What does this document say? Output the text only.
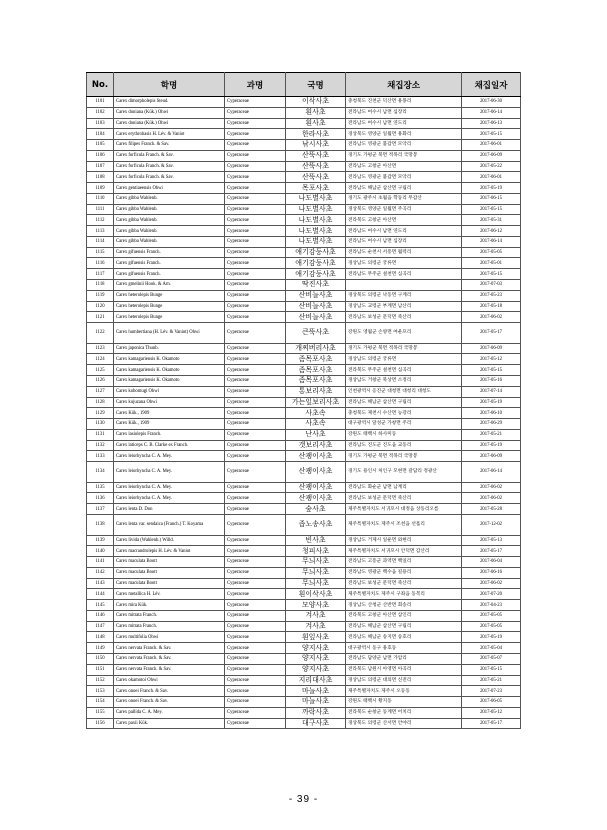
No.	학명	과명	국명	채집장소	채집일자
1101	Carex dimorpholepis Steud.	Cyperaceae	이삭사초	충청북도 진천군 덕산면 용몽리	2017-06-30
1102	Carex doniana (Kük.) Ohwi	Cyperaceae	흰사초	전라남도 여수시 남면 심장리	2017-06-14
1103	Carex doniana (Kük.) Ohwi	Cyperaceae	흰사초	전라남도 여수시 남면 연도리	2017-06-13
1104	Carex erythrobasis H. Lév. & Vaniot	Cyperaceae	한라사초	경상북도 영양군 일월면 용화리	2017-05-15
1105	Carex filipes Franch. & Sav.	Cyperaceae	낚시사초	전라남도 영광군 불갑면 모악리	2017-06-01
1106	Carex forficula Franch. & Sav.	Cyperaceae	산뚝사초	경기도 가평군 북면 적목리 국망봉	2017-06-09
1107	Carex forficula Franch. & Sav.	Cyperaceae	산뚝사초	전라남도 고창군 아산면	2017-05-22
1108	Carex forficula Franch. & Sav.	Cyperaceae	산뚝사초	전라남도 영광군 불갑면 모악리	2017-06-01
1109	Carex gentiaeensis Ohwi	Cyperaceae	목포사초	전라남도 해남군 삼산면 구림리	2017-05-19
1110	Carex gibba Wahlenb.	Cyperaceae	나도별사초	경기도 광주시 초월읍 학동리 무갑산	2017-06-15
1111	Carex gibba Wahlenb.	Cyperaceae	나도별사초	경상북도 영양군 일월면 주곡리	2017-05-15
1112	Carex gibba Wahlenb.	Cyperaceae	나도별사초	전라북도 고창군 아산면	2017-05-31
1113	Carex gibba Wahlenb.	Cyperaceae	나도별사초	전라남도 여수시 남면 연도리	2017-06-12
1114	Carex gibba Wahlenb.	Cyperaceae	나도별사초	전라남도 여수시 남면 심장리	2017-06-14
1115	Carex gifuensis Franch.	Cyperaceae	애기감둥사초	전라남도 순천시 서흥면 월력리	2017-05-05
1116	Carex gifuensis Franch.	Cyperaceae	애기감둥사초	경상남도 의령군 궁류면	2017-05-01
1117	Carex gifuensis Franch.	Cyperaceae	애기감둥사초	전라남도 무주군 설천면 심곡리	2017-05-15
1118	Carex gmelinii Hook. & Arn.	Cyperaceae	딱진사초		2017-07-03
1119	Carex heterolepis Bunge	Cyperaceae	산비늘사초	경상북도 의령군 낙동면 구계리	2017-05-23
1120	Carex heterolepis Bunge	Cyperaceae	산비늘사초	경상남도 교령군 부계면 남산리	2017-05-18
1121	Carex heterolepis Bunge	Cyperaceae	산비늘사초	전라남도 보성군 문덕면 죽산리	2017-06-02
1122	Carex humbertiana (H. Lév. & Vaniot) Ohwi	Cyperaceae	큰뚝사초	강원도 영월군 손양면 여운포리	2017-05-17
1123	Carex japonica Thunb.	Cyperaceae	개찌버리사초	경기도 가평군 북면 적목리 국망봉	2017-06-09
1124	Carex kamagariensis K. Okamoto	Cyperaceae	좀목포사초	경상남도 의령군 궁류면	2017-05-12
1125	Carex kamagariensis K. Okamoto	Cyperaceae	좀목포사초	전라북도 무주군 설천면 심곡리	2017-05-15
1126	Carex kamagariensis K. Okamoto	Cyperaceae	좀목포사초	경상남도 거창군 북상면 소정리	2017-05-16
1127	Carex kobomugi Ohwi	Cyperaceae	통보리사초	인천광역시 옹진군 대청면 대청리 대청도	2017-07-14
1128	Carex kujuzana Ohwi	Cyperaceae	가는잎보리사초	전라남도 해남군 삼산면 구림리	2017-05-19
1129	Carex Kük., 1909	Cyperaceae	사초속	충청북도 제천시 수산면 능강리	2017-06-10
1130	Carex Kük., 1909	Cyperaceae	사초속	대구광역시 달성군 가창면 주리	2017-06-29
1131	Carex lasiolepis Franch.	Cyperaceae	난사초	강원도 태백시 하사미동	2017-05-21
1132	Carex laticeps C. B. Clarke ex Franch.	Cyperaceae	갯보리사초	전라남도 진도군 진도읍 교동리	2017-05-19
1133	Carex leiorhyncha C. A. Mey.	Cyperaceae	산괭이사초	경기도 가평군 북면 적목리 국망봉	2017-06-09
1134	Carex leiorhyncha C. A. Mey.	Cyperaceae	산괭이사초	경기도 용인시 처인구 모현면 갈담리 정광산	2017-06-14
1135	Carex leiorhyncha C. A. Mey.	Cyperaceae	산괭이사초	전라남도 화순군 남면 남계리	2017-06-02
1136	Carex leiorhyncha C. A. Mey.	Cyperaceae	산괭이사초	전라남도 보성군 문덕면 죽산리	2017-06-02
1137	Carex lenta D. Don	Cyperaceae	숲사초	제주특별자치도 서귀포시 대정읍 상동리오름	2017-05-28
1138	Carex lenta var. sendaica (Franch.) T. Koyama	Cyperaceae	좁노송사초	제주특별자치도 제주시 조천읍 선흘리	2017-12-02
1139	Carex lividа (Wahlenb.) Willd.	Cyperaceae	빈사초	경상남도 거제시 일운면 와현리	2017-05-13
1140	Carex macrandrolepis H. Lév. & Vaniot	Cyperaceae	청피사초	제주특별자치도 서귀포시 안덕면 감산리	2017-05-17
1141	Carex maculata Boott	Cyperaceae	무늬사초	전라남도 고흥군 과역면 백일리	2017-06-04
1142	Carex maculata Boott	Cyperaceae	무늬사초	전라남도 영광군 백수읍 길용리	2017-06-16
1143	Carex maculata Boott	Cyperaceae	무늬사초	전라남도 보성군 문덕면 죽산리	2017-06-02
1144	Carex metallica H. Lév.	Cyperaceae	흰이삭사초	제주특별자치도 제주시 구좌읍 동복리	2017-07-20
1145	Carex mira Kük.	Cyperaceae	모양사초	경상남도 산청군 산반면 회송리	2017-04-23
1146	Carex mitrata Franch.	Cyperaceae	겨사초	전라북도 고창군 아산면 삼인리	2017-05-05
1147	Carex mitrata Franch.	Cyperaceae	겨사초	전라남도 해남군 삼산면 구림리	2017-05-05
1148	Carex multifolia Ohwi	Cyperaceae	흰잎사초	전라남도 해남군 송지면 송호리	2017-05-19
1149	Carex nervata Franch. & Sav.	Cyperaceae	양지사초	대구광역시 동구 용호동	2017-05-04
1150	Carex nervata Franch. & Sav.	Cyperaceae	양지사초	전라남도 담양군 남면 가암리	2017-05-07
1151	Carex nervata Franch. & Sav.	Cyperaceae	양지사초	전라북도 남원시 아영면 아곡리	2017-05-15
1152	Carex okamotoi Ohwi	Cyperaceae	지리대사초	경상남도 의령군 대의면 신전리	2017-05-21
1153	Carex onoei Franch. & Sav.	Cyperaceae	마늘사초	제주특별자치도 제주시 오등동	2017-07-23
1154	Carex onoei Franch. & Sav.	Cyperaceae	마늘사초	강원도 태백시 황지동	2017-06-05
1155	Carex pallida C. A. Mey.	Cyperaceae	까락사초	전라북도 순창군 동계면 어치리	2017-05-12
1156	Carex paxii Kük.	Cyperaceae	대구사초	경상북도 의령군 산서면 안야리	2017-05-17
- 39 -
